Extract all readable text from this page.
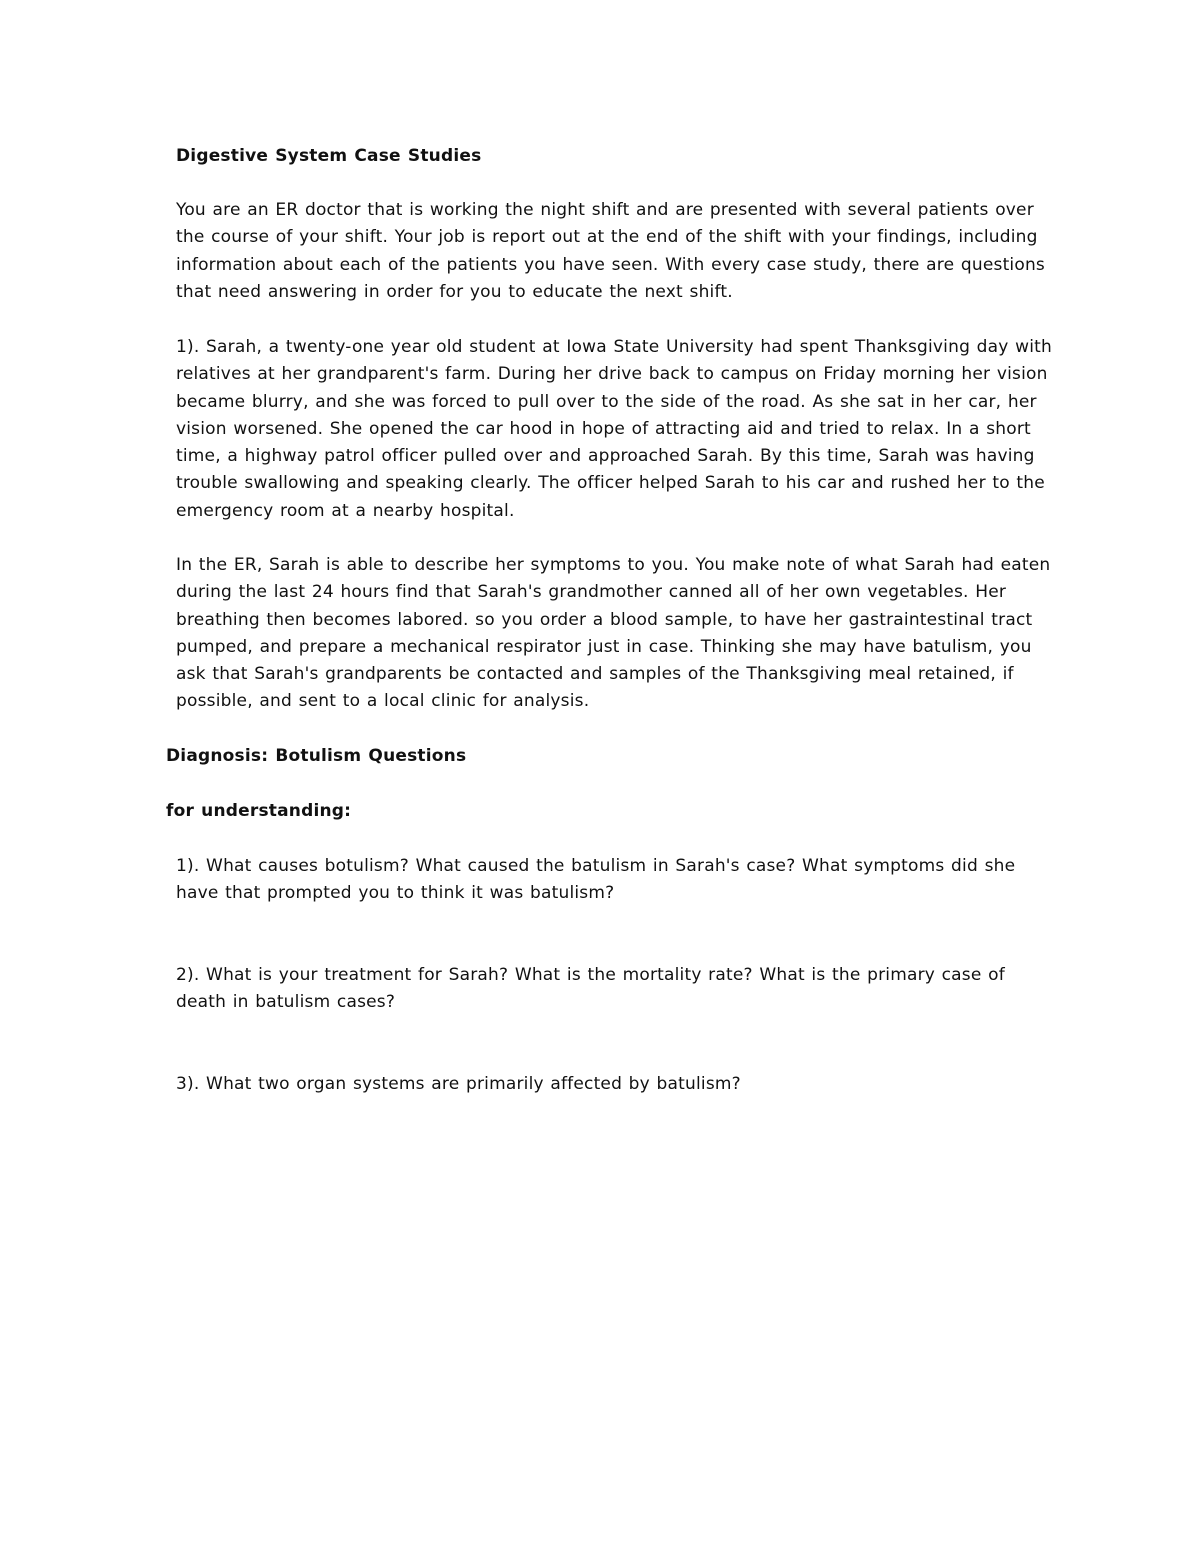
Digestive System Case Studies

You are an ER doctor that is working the night shift and are presented with several patients over the course of your shift. Your job is report out at the end of the shift with your findings, including information about each of the patients you have seen. With every case study, there are questions that need answering in order for you to educate the next shift.

1). Sarah, a twenty-one year old student at Iowa State University had spent Thanksgiving day with relatives at her grandparent's farm. During her drive back to campus on Friday morning her vision became blurry, and she was forced to pull over to the side of the road. As she sat in her car, her vision worsened. She opened the car hood in hope of attracting aid and tried to relax. In a short time, a highway patrol officer pulled over and approached Sarah. By this time, Sarah was having trouble swallowing and speaking clearly. The officer helped Sarah to his car and rushed her to the emergency room at a nearby hospital.

In the ER, Sarah is able to describe her symptoms to you. You make note of what Sarah had eaten during the last 24 hours find that Sarah's grandmother canned all of her own vegetables. Her breathing then becomes labored. so you order a blood sample, to have her gastraintestinal tract pumped, and prepare a mechanical respirator just in case. Thinking she may have batulism, you ask that Sarah's grandparents be contacted and samples of the Thanksgiving meal retained, if possible, and sent to a local clinic for analysis.

Diagnosis: Botulism Questions

for understanding:

1). What causes botulism? What caused the batulism in Sarah's case? What symptoms did she have that prompted you to think it was batulism?

2). What is your treatment for Sarah? What is the mortality rate? What is the primary case of death in batulism cases?

3). What two organ systems are primarily affected by batulism?
